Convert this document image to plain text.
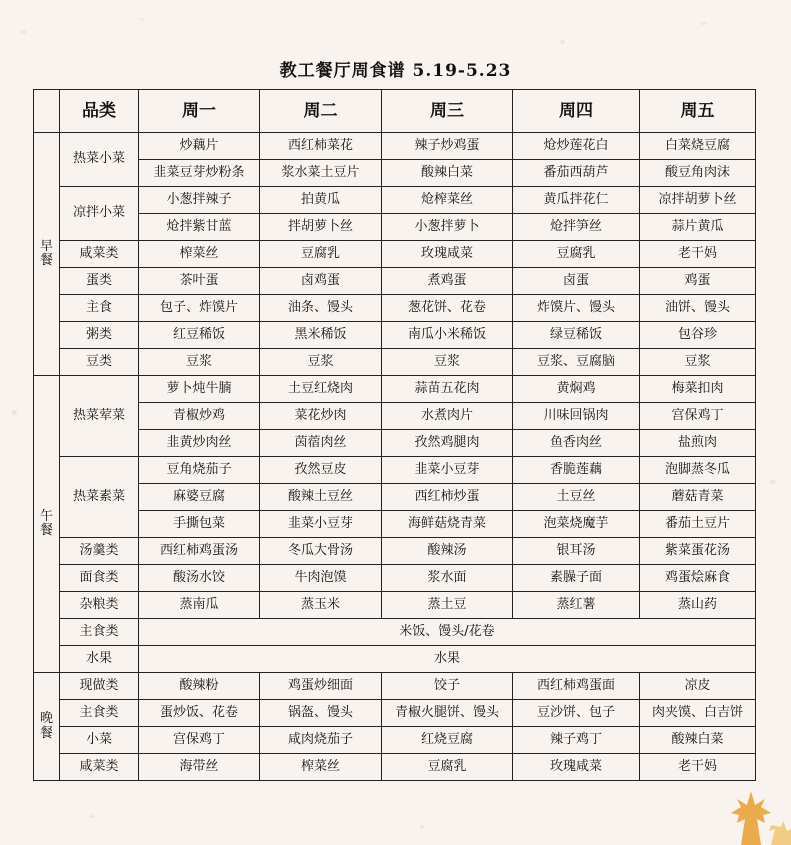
教工餐厅周食谱 5.19-5.23
	品类	周一	周二	周三	周四	周五

早
餐	热菜小菜	炒藕片	西红柿菜花	辣子炒鸡蛋	炝炒莲花白	白菜烧豆腐
		韭菜豆芽炒粉条	浆水菜土豆片	酸辣白菜	番茄西葫芦	酸豆角肉沫
	凉拌小菜	小葱拌辣子	拍黄瓜	炝榨菜丝	黄瓜拌花仁	凉拌胡萝卜丝
		炝拌紫甘蓝	拌胡萝卜丝	小葱拌萝卜	炝拌笋丝	蒜片黄瓜
	咸菜类	榨菜丝	豆腐乳	玫瑰咸菜	豆腐乳	老干妈
	蛋类	茶叶蛋	卤鸡蛋	煮鸡蛋	卤蛋	鸡蛋
	主食	包子、炸馍片	油条、馒头	葱花饼、花卷	炸馍片、馒头	油饼、馒头
	粥类	红豆稀饭	黑米稀饭	南瓜小米稀饭	绿豆稀饭	包谷珍
	豆类	豆浆	豆浆	豆浆	豆浆、豆腐脑	豆浆

午
餐	热菜荤菜	萝卜炖牛腩	土豆红烧肉	蒜苗五花肉	黄焖鸡	梅菜扣肉
		青椒炒鸡	菜花炒肉	水煮肉片	川味回锅肉	宫保鸡丁
		韭黄炒肉丝	茵蓿肉丝	孜然鸡腿肉	鱼香肉丝	盐煎肉
	热菜素菜	豆角烧茄子	孜然豆皮	韭菜小豆芽	香脆莲藕	泡脚蒸冬瓜
		麻婆豆腐	酸辣土豆丝	西红柿炒蛋	土豆丝	蘑菇青菜
		手撕包菜	韭菜小豆芽	海鲜菇烧青菜	泡菜烧魔芋	番茄土豆片
	汤羹类	西红柿鸡蛋汤	冬瓜大骨汤	酸辣汤	银耳汤	紫菜蛋花汤
	面食类	酸汤水饺	牛肉泡馍	浆水面	素臊子面	鸡蛋烩麻食
	杂粮类	蒸南瓜	蒸玉米	蒸土豆	蒸红薯	蒸山药
	主食类	米饭、馒头/花卷				
	水果	水果				

晚
餐	现做类	酸辣粉	鸡蛋炒细面	饺子	西红柿鸡蛋面	凉皮
	主食类	蛋炒饭、花卷	锅盔、馒头	青椒火腿饼、馒头	豆沙饼、包子	肉夹馍、白吉饼
	小菜	宫保鸡丁	咸肉烧茄子	红烧豆腐	辣子鸡丁	酸辣白菜
	咸菜类	海带丝	榨菜丝	豆腐乳	玫瑰咸菜	老干妈
